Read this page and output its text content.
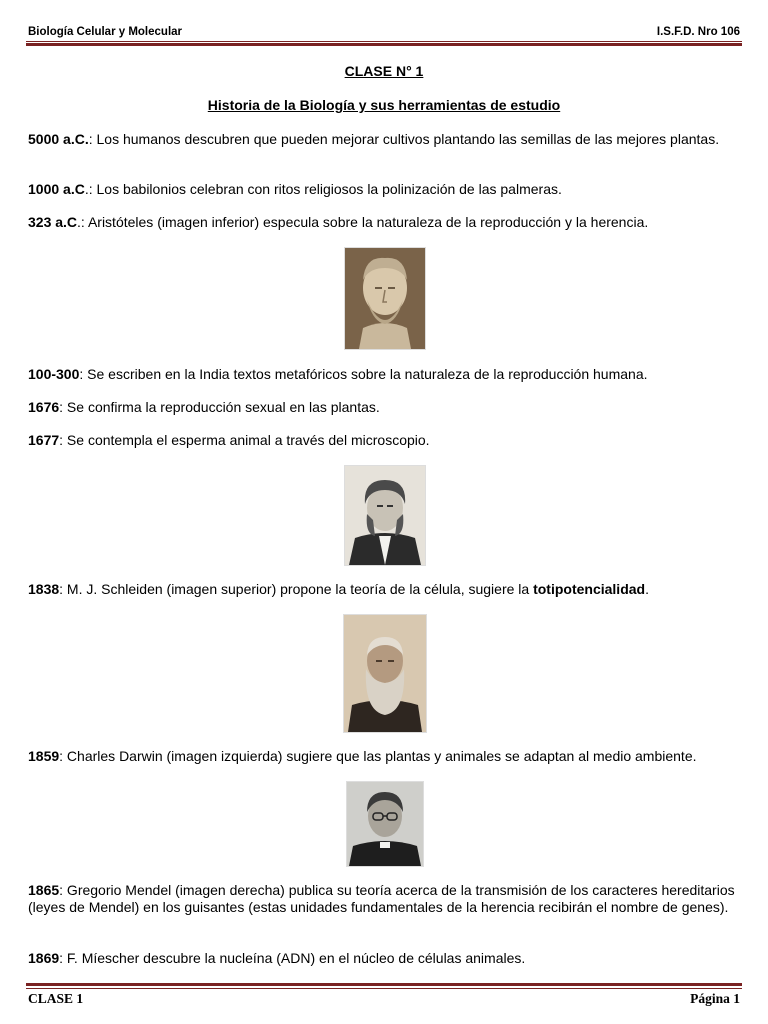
Biología Celular y Molecular	I.S.F.D. Nro 106
CLASE N° 1
Historia de la Biología y sus herramientas de estudio
5000 a.C.: Los humanos descubren que pueden mejorar cultivos plantando las semillas de las mejores plantas.
1000 a.C.: Los babilonios celebran con ritos religiosos la polinización de las palmeras.
323 a.C.: Aristóteles (imagen inferior) especula sobre la naturaleza de la reproducción y la herencia.
100-300: Se escriben en la India textos metafóricos sobre la naturaleza de la reproducción humana.
1676: Se confirma la reproducción sexual en las plantas.
1677: Se contempla el esperma animal a través del microscopio.
1838: M. J. Schleiden (imagen superior) propone la teoría de la célula, sugiere la totipotencialidad.
1859: Charles Darwin (imagen izquierda) sugiere que las plantas y animales se adaptan al medio ambiente.
1865: Gregorio Mendel (imagen derecha) publica su teoría acerca de la transmisión de los caracteres hereditarios (leyes de Mendel) en los guisantes (estas unidades fundamentales de la herencia recibirán el nombre de genes).
1869: F. Míescher descubre la nucleína (ADN) en el núcleo de células animales.
CLASE 1	Página 1
